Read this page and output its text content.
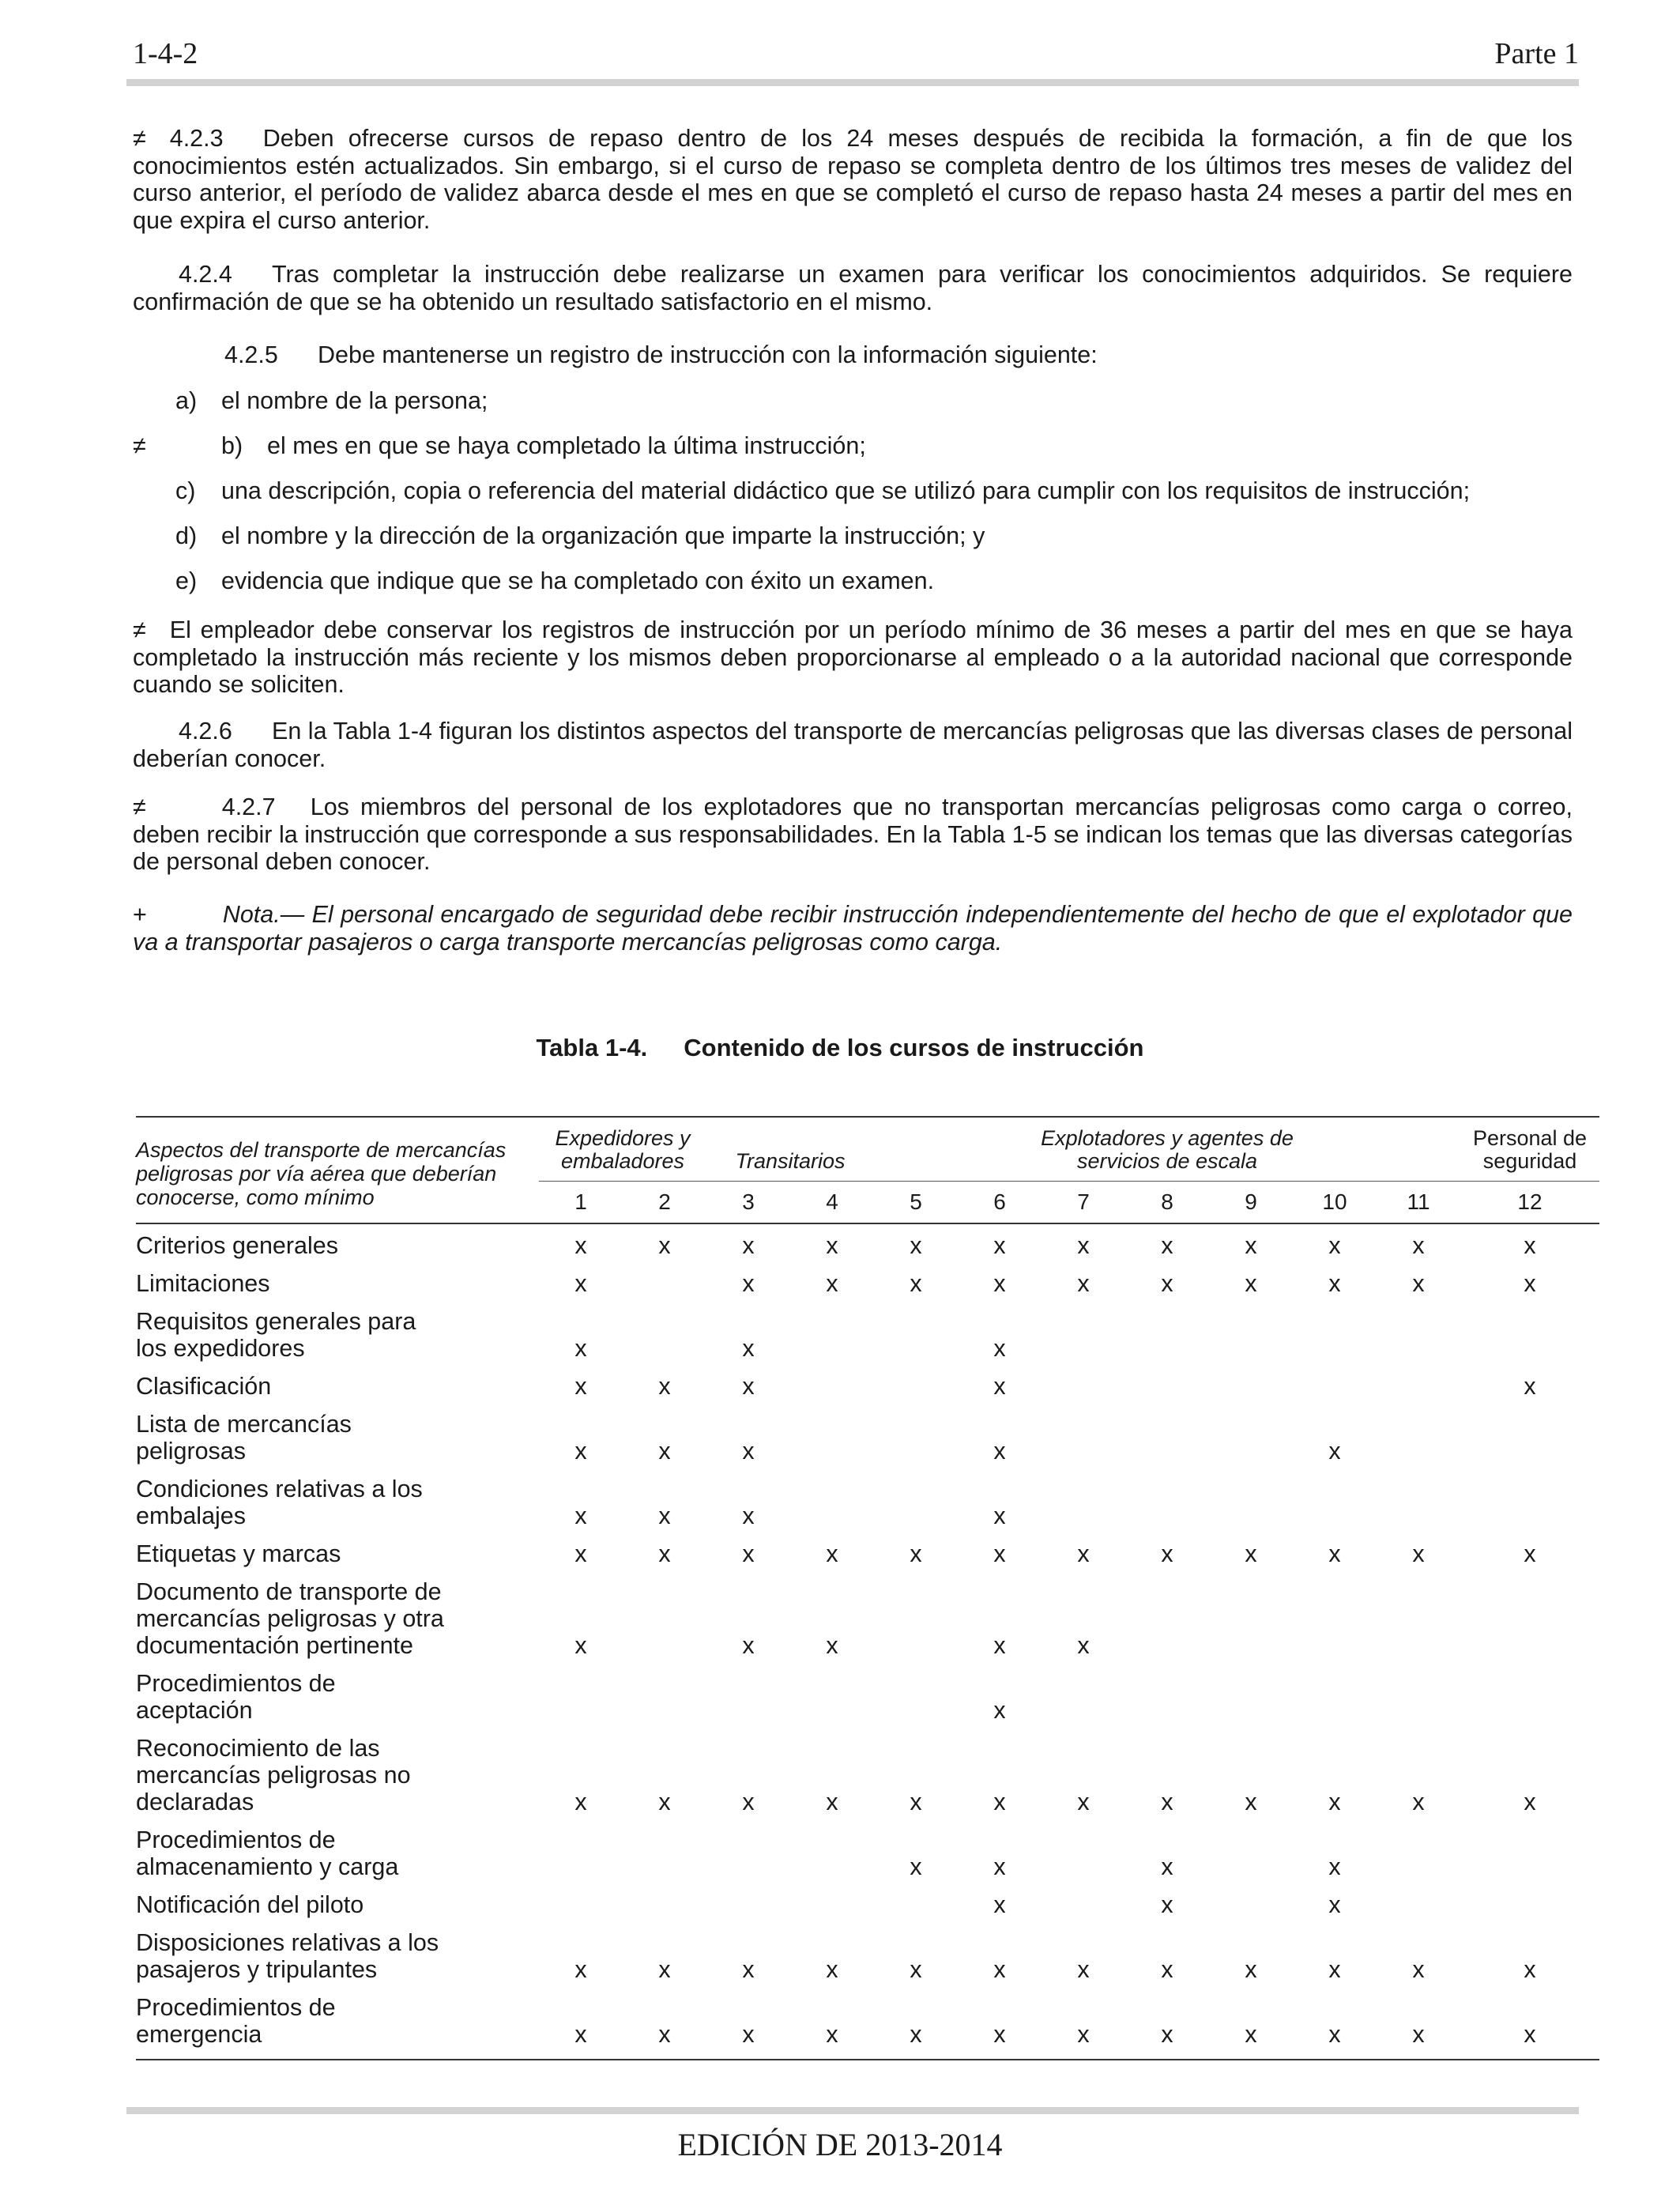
1-4-2	Parte 1
≠ 4.2.3 Deben ofrecerse cursos de repaso dentro de los 24 meses después de recibida la formación, a fin de que los conocimientos estén actualizados. Sin embargo, si el curso de repaso se completa dentro de los últimos tres meses de validez del curso anterior, el período de validez abarca desde el mes en que se completó el curso de repaso hasta 24 meses a partir del mes en que expira el curso anterior.
4.2.4 Tras completar la instrucción debe realizarse un examen para verificar los conocimientos adquiridos. Se requiere confirmación de que se ha obtenido un resultado satisfactorio en el mismo.
4.2.5 Debe mantenerse un registro de instrucción con la información siguiente:
a) el nombre de la persona;
≠	b) el mes en que se haya completado la última instrucción;
c) una descripción, copia o referencia del material didáctico que se utilizó para cumplir con los requisitos de instrucción;
d) el nombre y la dirección de la organización que imparte la instrucción; y
e) evidencia que indique que se ha completado con éxito un examen.
≠ El empleador debe conservar los registros de instrucción por un período mínimo de 36 meses a partir del mes en que se haya completado la instrucción más reciente y los mismos deben proporcionarse al empleado o a la autoridad nacional que corresponde cuando se soliciten.
4.2.6 En la Tabla 1-4 figuran los distintos aspectos del transporte de mercancías peligrosas que las diversas clases de personal deberían conocer.
≠	4.2.7 Los miembros del personal de los explotadores que no transportan mercancías peligrosas como carga o correo, deben recibir la instrucción que corresponde a sus responsabilidades. En la Tabla 1-5 se indican los temas que las diversas categorías de personal deben conocer.
+	Nota.— El personal encargado de seguridad debe recibir instrucción independientemente del hecho de que el explotador que va a transportar pasajeros o carga transporte mercancías peligrosas como carga.
Tabla 1-4. Contenido de los cursos de instrucción
Aspectos del transporte de mercancías peligrosas por vía aérea que deberían conocerse, como mínimo	Expedidores y embaladores		Transitarios		Explotadores y agentes de servicios de escala							Personal de seguridad

	1	2	3	4	5	6	7	8	9	10	11	12

Criterios generales	x	x	x	x	x	x	x	x	x	x	x	x

Limitaciones	x		x	x	x	x	x	x	x	x	x	x

Requisitos generales para los expedidores	x		x			x						

Clasificación	x	x	x			x						x

Lista de mercancías peligrosas	x	x	x			x				x		

Condiciones relativas a los embalajes	x	x	x			x						

Etiquetas y marcas	x	x	x	x	x	x	x	x	x	x	x	x

Documento de transporte de mercancías peligrosas y otra documentación pertinente	x		x	x		x	x					

Procedimientos de aceptación						x						

Reconocimiento de las mercancías peligrosas no declaradas	x	x	x	x	x	x	x	x	x	x	x	x

Procedimientos de almacenamiento y carga					x	x		x		x		

Notificación del piloto						x		x		x		

Disposiciones relativas a los pasajeros y tripulantes	x	x	x	x	x	x	x	x	x	x	x	x

Procedimientos de emergencia	x	x	x	x	x	x	x	x	x	x	x	x
EDICIÓN DE 2013-2014
